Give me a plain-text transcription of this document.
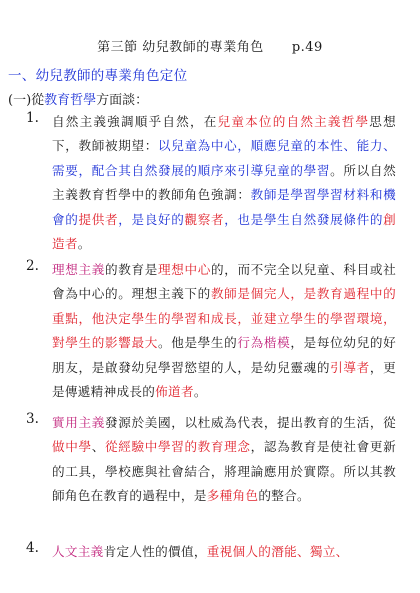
第三節 幼兒教師的專業角色 p.49
一、幼兒教師的專業角色定位
(一)從教育哲學方面談：
1. 自然主義強調順乎自然，在兒童本位的自然主義哲學思想下，教師被期望：以兒童為中心，順應兒童的本性、能力、需要，配合其自然發展的順序來引導兒童的學習。所以自然主義教育哲學中的教師角色強調：教師是學習學習材料和機會的提供者，是良好的觀察者，也是學生自然發展條件的創造者。
2. 理想主義的教育是理想中心的，而不完全以兒童、科目或社會為中心的。理想主義下的教師是個完人，是教育過程中的重點，他決定學生的學習和成長，並建立學生的學習環境，對學生的影響最大。他是學生的行為楷模，是每位幼兒的好朋友，是啟發幼兒學習慾望的人，是幼兒靈魂的引導者，更是傳遞精神成長的佈道者。
3. 實用主義發源於美國，以杜威為代表，提出教育的生活，從做中學、從經驗中學習的教育理念，認為教育是使社會更新的工具，學校應與社會結合，將理論應用於實際。所以其教師角色在教育的過程中，是多種角色的整合。
4. 人文主義肯定人性的價值，重視個人的潛能、獨立、
